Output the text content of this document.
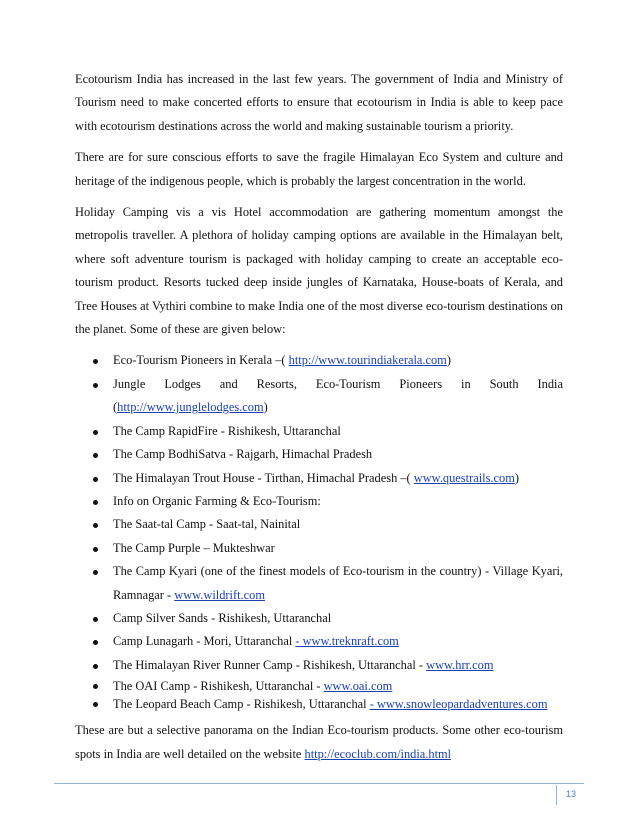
Ecotourism India has increased in the last few years. The government of India and Ministry of Tourism need to make concerted efforts to ensure that ecotourism in India is able to keep pace with ecotourism destinations across the world and making sustainable tourism a priority.

There are for sure conscious efforts to save the fragile Himalayan Eco System and culture and heritage of the indigenous people, which is probably the largest concentration in the world.

Holiday Camping vis a vis Hotel accommodation are gathering momentum amongst the metropolis traveller. A plethora of holiday camping options are available in the Himalayan belt, where soft adventure tourism is packaged with holiday camping to create an acceptable eco-tourism product. Resorts tucked deep inside jungles of Karnataka, House-boats of Kerala, and Tree Houses at Vythiri combine to make India one of the most diverse eco-tourism destinations on the planet. Some of these are given below:

Eco-Tourism Pioneers in Kerala –( http://www.tourindiakerala.com)
Jungle Lodges and Resorts, Eco-Tourism Pioneers in South India
(http://www.junglelodges.com)
The Camp RapidFire - Rishikesh, Uttaranchal
The Camp BodhiSatva - Rajgarh, Himachal Pradesh
The Himalayan Trout House - Tirthan, Himachal Pradesh –( www.questrails.com)
Info on Organic Farming & Eco-Tourism:
The Saat-tal Camp - Saat-tal, Nainital
The Camp Purple – Mukteshwar
The Camp Kyari (one of the finest models of Eco-tourism in the country) - Village Kyari, Ramnagar - www.wildrift.com
Camp Silver Sands - Rishikesh, Uttaranchal
Camp Lunagarh - Mori, Uttaranchal - www.treknraft.com
The Himalayan River Runner Camp - Rishikesh, Uttaranchal - www.hrr.com
The OAI Camp - Rishikesh, Uttaranchal - www.oai.com
The Leopard Beach Camp - Rishikesh, Uttaranchal - www.snowleopardadventures.com

These are but a selective panorama on the Indian Eco-tourism products. Some other eco-tourism spots in India are well detailed on the website http://ecoclub.com/india.html

13
